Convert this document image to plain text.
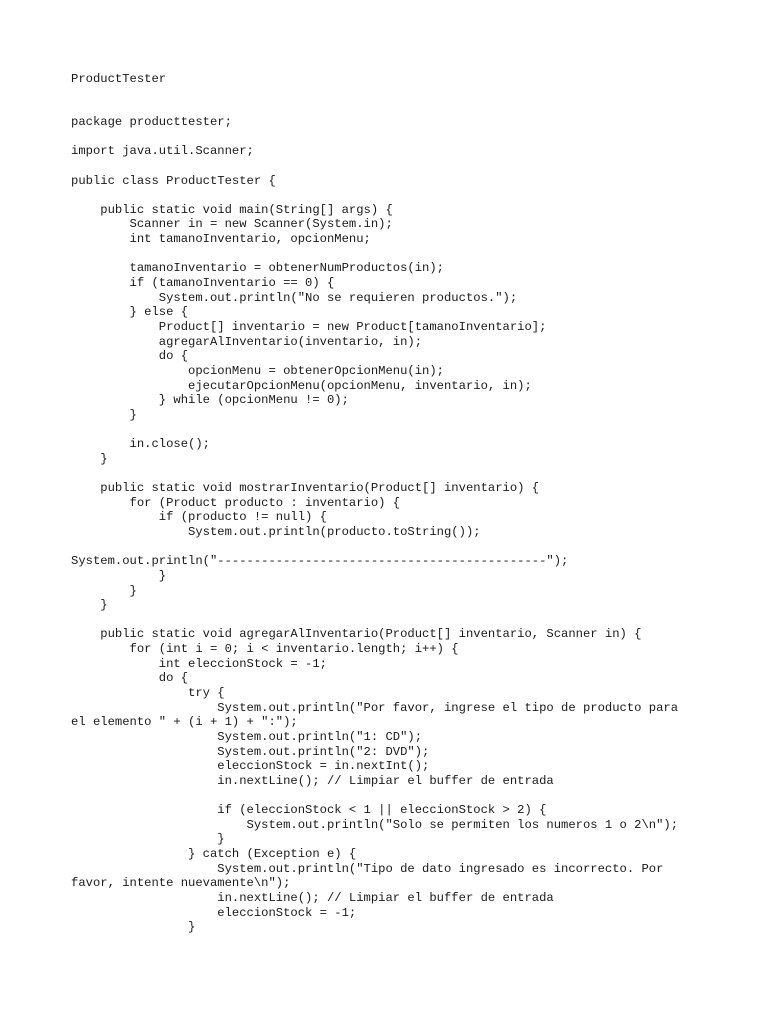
ProductTester
package producttester;
import java.util.Scanner;
public class ProductTester {
public static void main(String[] args) {
Scanner in = new Scanner(System.in);
int tamanoInventario, opcionMenu;
tamanoInventario = obtenerNumProductos(in);
if (tamanoInventario == 0) {
System.out.println("No se requieren productos.");
} else {
Product[] inventario = new Product[tamanoInventario];
agregarAlInventario(inventario, in);
do {
opcionMenu = obtenerOpcionMenu(in);
ejecutarOpcionMenu(opcionMenu, inventario, in);
} while (opcionMenu != 0);
}
in.close();
}
public static void mostrarInventario(Product[] inventario) {
for (Product producto : inventario) {
if (producto != null) {
System.out.println(producto.toString());
System.out.println("---------------------------------------------");
}
}
}
public static void agregarAlInventario(Product[] inventario, Scanner in) {
for (int i = 0; i < inventario.length; i++) {
int eleccionStock = -1;
do {
try {
System.out.println("Por favor, ingrese el tipo de producto para
el elemento " + (i + 1) + ":");
System.out.println("1: CD");
System.out.println("2: DVD");
eleccionStock = in.nextInt();
in.nextLine(); // Limpiar el buffer de entrada
if (eleccionStock < 1 || eleccionStock > 2) {
System.out.println("Solo se permiten los numeros 1 o 2\n");
}
} catch (Exception e) {
System.out.println("Tipo de dato ingresado es incorrecto. Por
favor, intente nuevamente\n");
in.nextLine(); // Limpiar el buffer de entrada
eleccionStock = -1;
}
